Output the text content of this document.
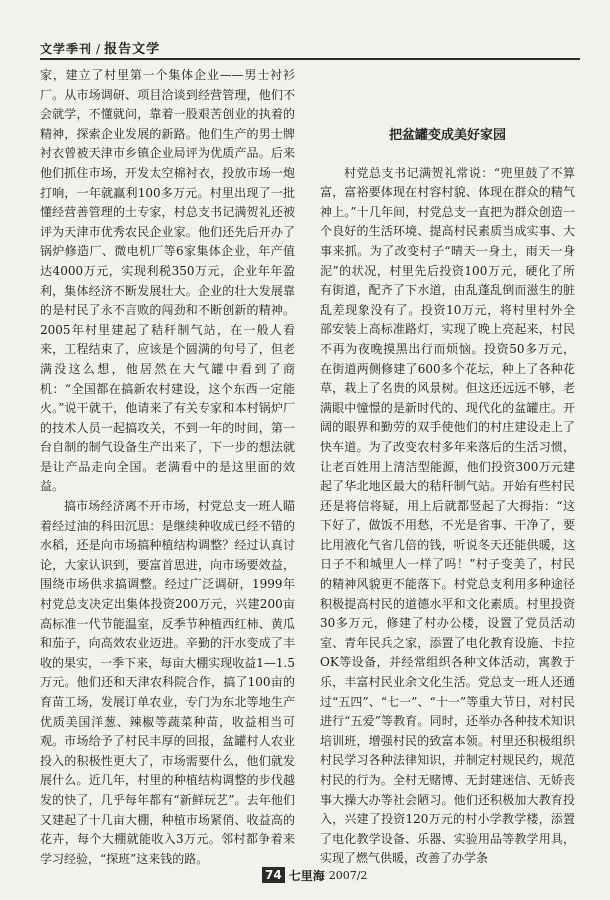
文学季刊 / 报告文学

家，建立了村里第一个集体企业——男士衬衫厂。从市场调研、项目洽谈到经营管理，他们不会就学，不懂就问，靠着一股艰苦创业的执着的精神，探索企业发展的新路。他们生产的男士牌衬衣曾被天津市乡镇企业局评为优质产品。后来他们抓住市场，开发太空棉衬衣，投放市场一炮打响，一年就赢利100多万元。村里出现了一批懂经营善管理的土专家，村总支书记满贺礼还被评为天津市优秀农民企业家。他们还先后开办了锅炉修造厂、微电机厂等6家集体企业，年产值达4000万元，实现利税350万元，企业年年盈利，集体经济不断发展壮大。企业的壮大发展靠的是村民了永不言败的闯劲和不断创新的精神。2005年村里建起了秸秆制气站，在一般人看来，工程结束了，应该是个圆满的句号了，但老满没这么想，他居然在大气罐中看到了商机：“全国都在搞新农村建设，这个东西一定能火。”说干就干，他请来了有关专家和本村锅炉厂的技术人员一起搞攻关，不到一年的时间，第一台自制的制气设备生产出来了，下一步的想法就是让产品走向全国。老满看中的是这里面的效益。

搞市场经济离不开市场，村党总支一班人瞄着经过油的科田沉思：是继续种收成已经不错的水稻，还是向市场搞种植结构调整？经过认真讨论，大家认识到，要富首思进，向市场要效益，围绕市场供求搞调整。经过广泛调研，1999年村党总支决定出集体投资200万元，兴建200亩高标准一代节能温室，反季节种植西红柿、黄瓜和茄子，向高效农业迈进。辛勤的汗水变成了丰收的果实，一季下来，每亩大棚实现收益1—1.5万元。他们还和天津农科院合作，搞了100亩的育苗工场，发展订单农业，专门为东北等地生产优质美国洋葱、辣椒等蔬菜种苗，收益相当可观。市场给予了村民丰厚的回报，盆罐村人农业投入的积极性更大了，市场需要什么，他们就发展什么。近几年，村里的种植结构调整的步伐越发的快了，几乎每年都有“新鲜玩艺”。去年他们又建起了十几亩大棚，种植市场紧俏、收益高的花卉，每个大棚就能收入3万元。邻村都争着来学习经验，“探班”这来钱的路。

把盆罐变成美好家园

村党总支书记满贺礼常说：“兜里鼓了不算富，富裕要体现在村容村貌、体现在群众的精气神上。”十几年间，村党总支一直把为群众创造一个良好的生活环境、提高村民素质当成实事、大事来抓。为了改变村子“晴天一身土，雨天一身泥”的状况，村里先后投资100万元，硬化了所有街道，配齐了下水道，由乱蓬乱倒而滋生的脏乱差现象没有了。投资10万元，将村里村外全部安装上高标准路灯，实现了晚上亮起来，村民不再为夜晚摸黑出行而烦恼。投资50多万元，在街道两侧修建了600多个花坛，种上了各种花草，栽上了名贵的风景树。但这还远远不够，老满眼中憧憬的是新时代的、现代化的盆罐庄。开阔的眼界和勤劳的双手使他们的村庄建设走上了快车道。为了改变农村多年来落后的生活习惯，让老百姓用上清洁型能源，他们投资300万元建起了华北地区最大的秸秆制气站。开始有些村民还是将信将疑，用上后就都竖起了大拇指：“这下好了，做饭不用愁，不光是省事、干净了，要比用液化气省几倍的钱，听说冬天还能供暖，这日子不和城里人一样了吗！”村子变美了，村民的精神风貌更不能落下。村党总支利用多种途径积极提高村民的道德水平和文化素质。村里投资30多万元，修建了村办公楼，设置了党员活动室、青年民兵之家，添置了电化教育设施、卡拉OK等设备，并经常组织各种文体活动，寓教于乐，丰富村民业余文化生活。党总支一班人还通过“五四”、“七一”、“十一”等重大节日，对村民进行“五爱”等教育。同时，还举办各种技术知识培训班，增强村民的致富本领。村里还积极组织村民学习各种法律知识，并制定村规民约，规范村民的行为。全村无赌博、无封建迷信、无娇丧事大操大办等社会陋习。他们还积极加大教育投入，兴建了投资120万元的村小学教学楼，添置了电化教学设备、乐器、实验用品等教学用具，实现了燃气供暖，改善了办学条

74 七里海 2007/2
